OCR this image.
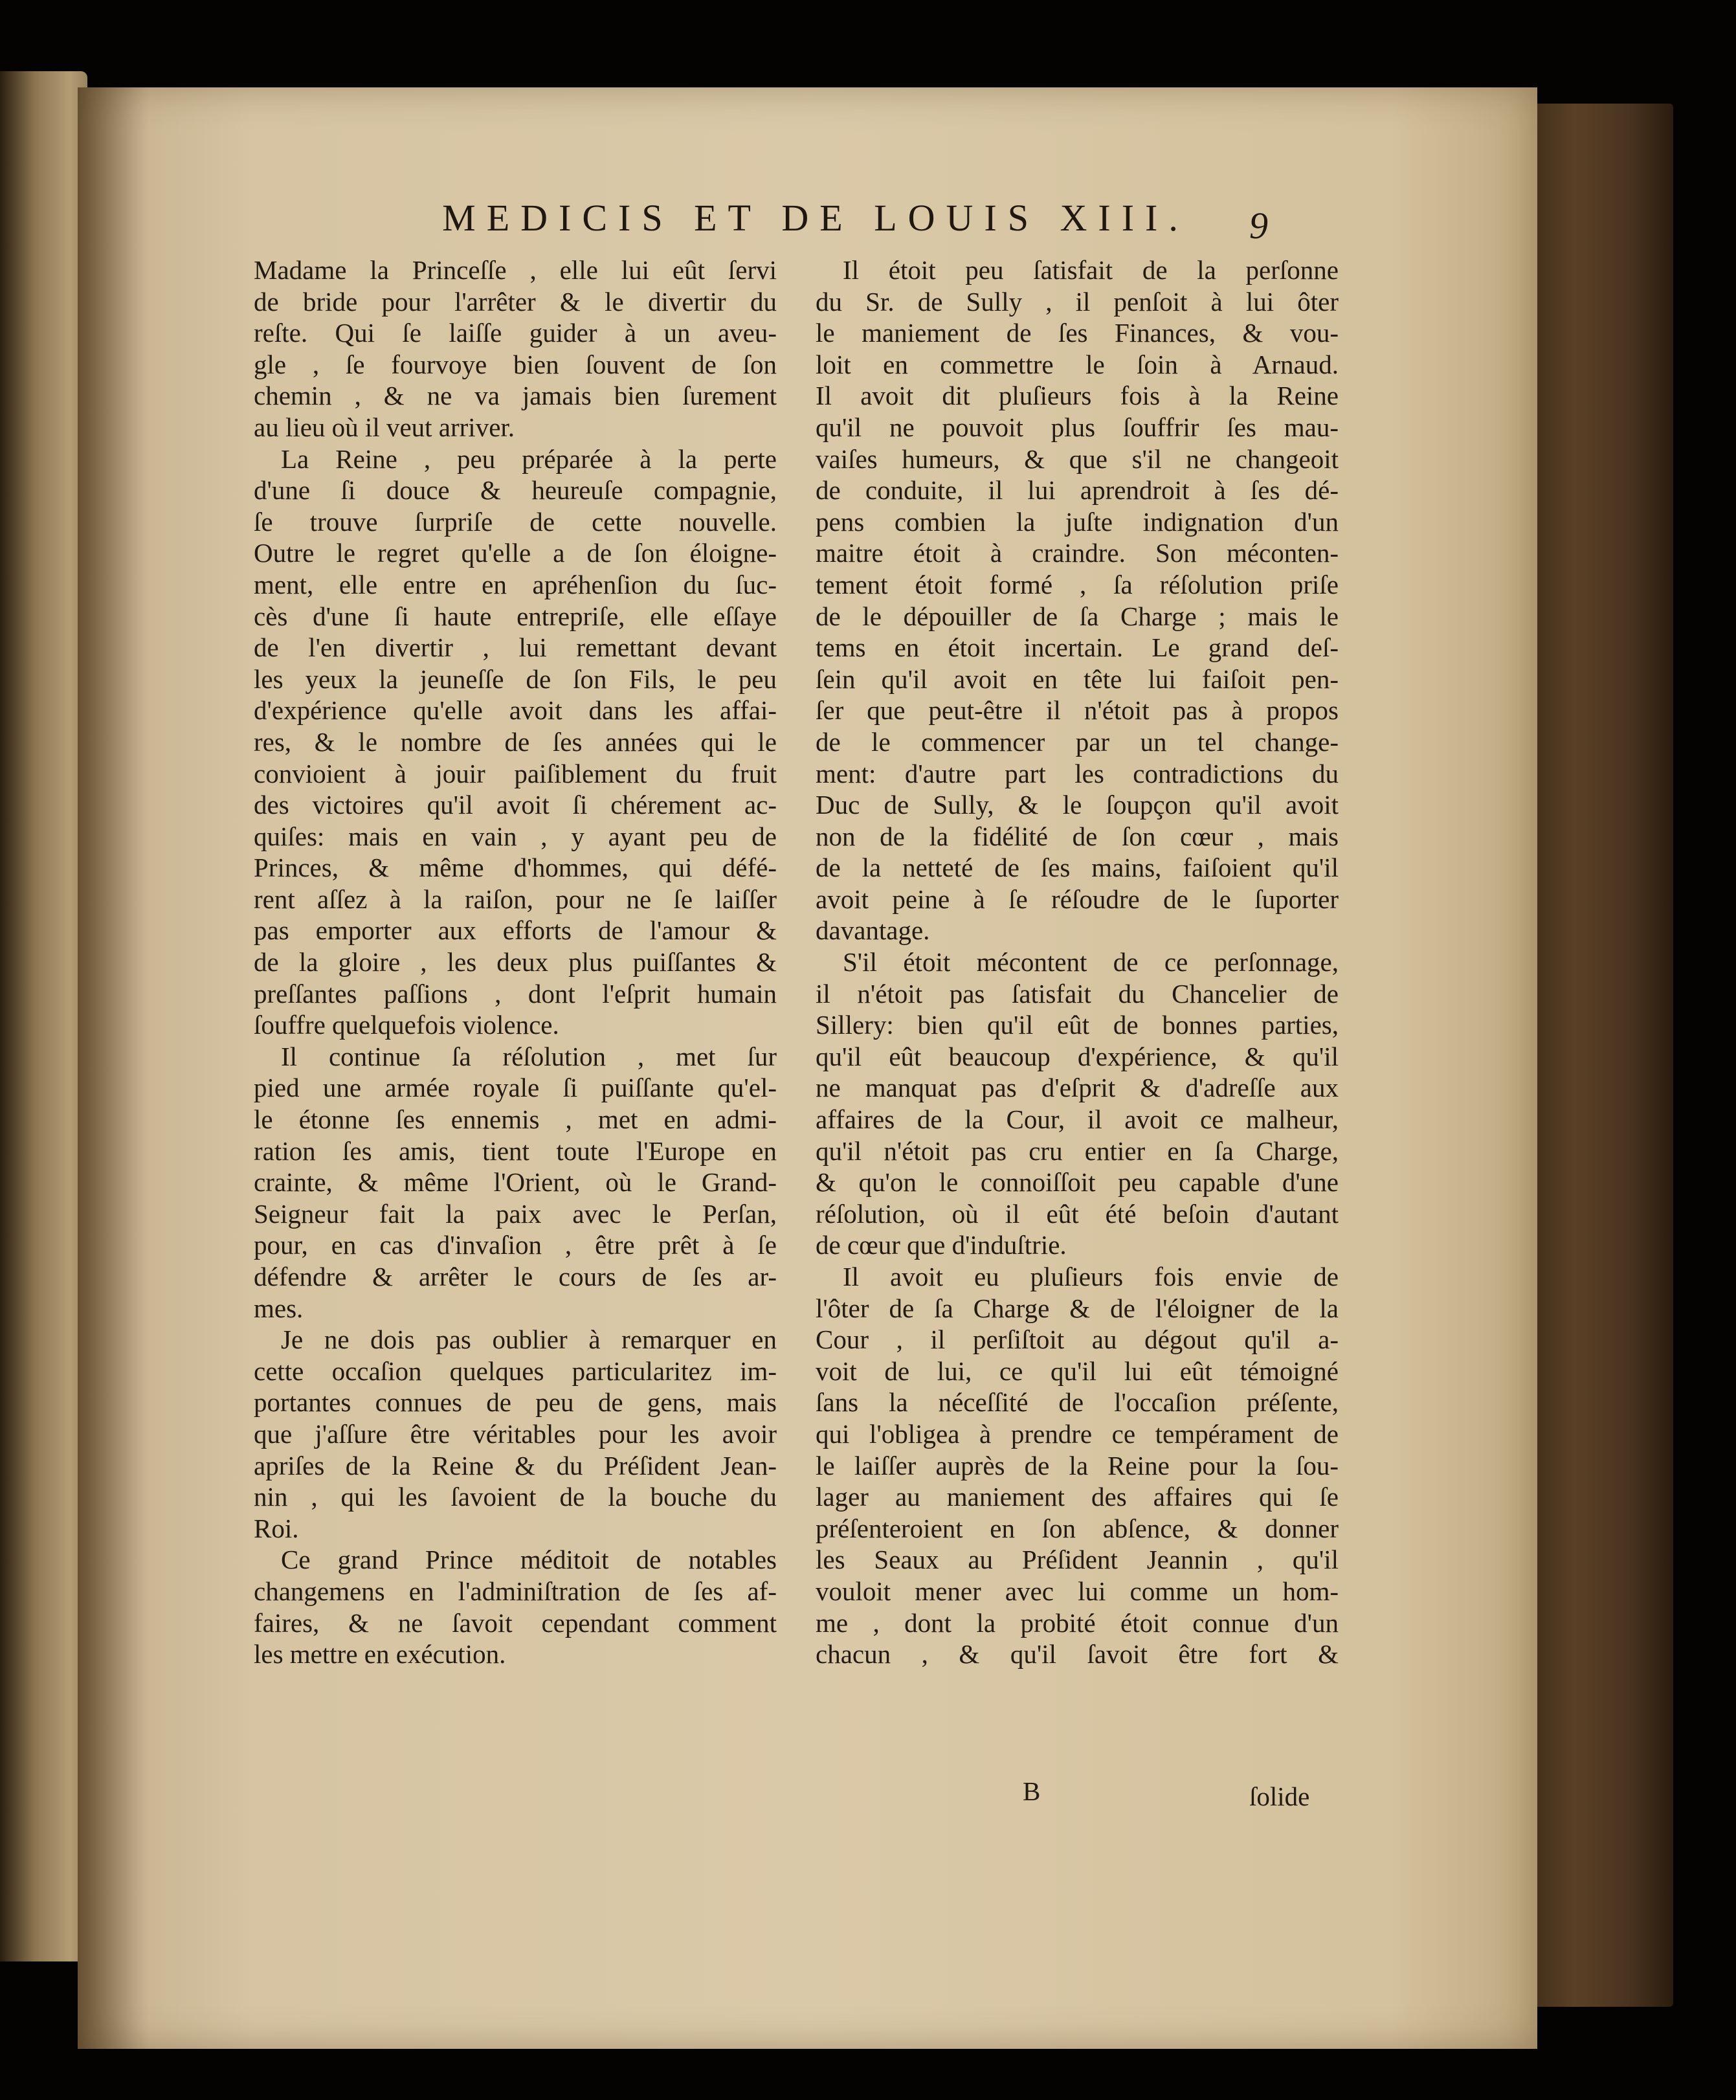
MEDICIS ET DE LOUIS XIII.	9
Madame la Princeſſe , elle lui eût ſervi
de bride pour l'arrêter & le divertir du
reſte. Qui ſe laiſſe guider à un aveu-
gle , ſe fourvoye bien ſouvent de ſon
chemin , & ne va jamais bien ſurement
au lieu où il veut arriver.
La Reine , peu préparée à la perte
d'une ſi douce & heureuſe compagnie,
ſe trouve ſurpriſe de cette nouvelle.
Outre le regret qu'elle a de ſon éloigne-
ment, elle entre en apréhenſion du ſuc-
cès d'une ſi haute entrepriſe, elle eſſaye
de l'en divertir , lui remettant devant
les yeux la jeuneſſe de ſon Fils, le peu
d'expérience qu'elle avoit dans les affai-
res, & le nombre de ſes années qui le
convioient à jouir paiſiblement du fruit
des victoires qu'il avoit ſi chérement ac-
quiſes: mais en vain , y ayant peu de
Princes, & même d'hommes, qui défé-
rent aſſez à la raiſon, pour ne ſe laiſſer
pas emporter aux efforts de l'amour &
de la gloire , les deux plus puiſſantes &
preſſantes paſſions , dont l'eſprit humain
ſouffre quelquefois violence.
Il continue ſa réſolution , met ſur
pied une armée royale ſi puiſſante qu'el-
le étonne ſes ennemis , met en admi-
ration ſes amis, tient toute l'Europe en
crainte, & même l'Orient, où le Grand-
Seigneur fait la paix avec le Perſan,
pour, en cas d'invaſion , être prêt à ſe
défendre & arrêter le cours de ſes ar-
mes.
Je ne dois pas oublier à remarquer en
cette occaſion quelques particularitez im-
portantes connues de peu de gens, mais
que j'aſſure être véritables pour les avoir
apriſes de la Reine & du Préſident Jean-
nin , qui les ſavoient de la bouche du
Roi.
Ce grand Prince méditoit de notables
changemens en l'adminiſtration de ſes af-
faires, & ne ſavoit cependant comment
les mettre en exécution.
Il étoit peu ſatisfait de la perſonne
du Sr. de Sully , il penſoit à lui ôter
le maniement de ſes Finances, & vou-
loit en commettre le ſoin à Arnaud.
Il avoit dit pluſieurs fois à la Reine
qu'il ne pouvoit plus ſouffrir ſes mau-
vaiſes humeurs, & que s'il ne changeoit
de conduite, il lui aprendroit à ſes dé-
pens combien la juſte indignation d'un
maitre étoit à craindre. Son méconten-
tement étoit formé , ſa réſolution priſe
de le dépouiller de ſa Charge ; mais le
tems en étoit incertain. Le grand deſ-
ſein qu'il avoit en tête lui faiſoit pen-
ſer que peut-être il n'étoit pas à propos
de le commencer par un tel change-
ment: d'autre part les contradictions du
Duc de Sully, & le ſoupçon qu'il avoit
non de la fidélité de ſon cœur , mais
de la netteté de ſes mains, faiſoient qu'il
avoit peine à ſe réſoudre de le ſuporter
davantage.
S'il étoit mécontent de ce perſonnage,
il n'étoit pas ſatisfait du Chancelier de
Sillery: bien qu'il eût de bonnes parties,
qu'il eût beaucoup d'expérience, & qu'il
ne manquat pas d'eſprit & d'adreſſe aux
affaires de la Cour, il avoit ce malheur,
qu'il n'étoit pas cru entier en ſa Charge,
& qu'on le connoiſſoit peu capable d'une
réſolution, où il eût été beſoin d'autant
de cœur que d'induſtrie.
Il avoit eu pluſieurs fois envie de
l'ôter de ſa Charge & de l'éloigner de la
Cour , il perſiſtoit au dégout qu'il a-
voit de lui, ce qu'il lui eût témoigné
ſans la néceſſité de l'occaſion préſente,
qui l'obligea à prendre ce tempérament de
le laiſſer auprès de la Reine pour la ſou-
lager au maniement des affaires qui ſe
préſenteroient en ſon abſence, & donner
les Seaux au Préſident Jeannin , qu'il
vouloit mener avec lui comme un hom-
me , dont la probité étoit connue d'un
chacun , & qu'il ſavoit être fort &
B	ſolide
